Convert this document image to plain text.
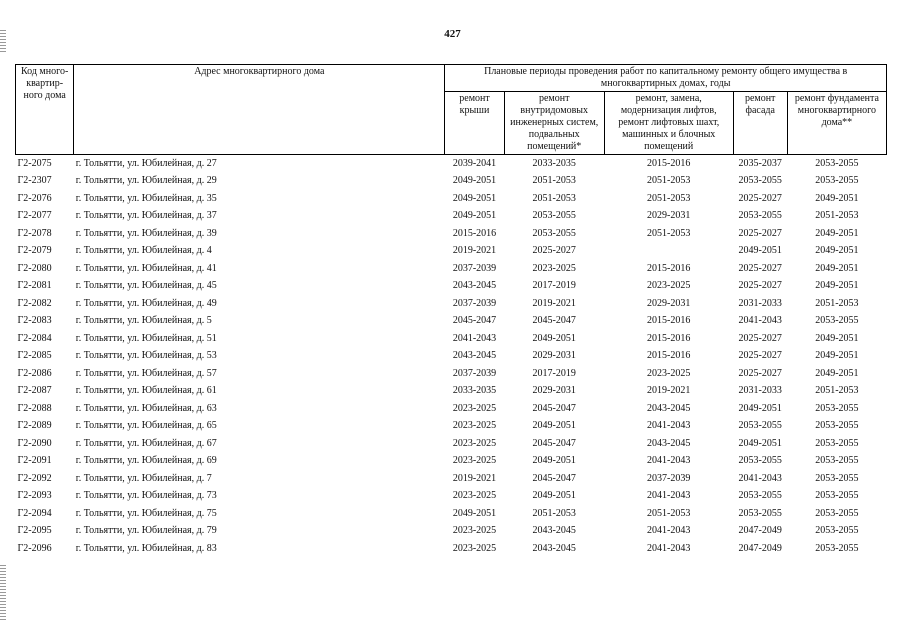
427
Код много-квартир-ного дома	Адрес многоквартирного дома	Плановые периоды проведения работ по капитальному ремонту общего имущества в многоквартирных домах, годы				
		ремонт крыши	ремонт внутридомовых инженерных систем, подвальных помещений*	ремонт, замена, модернизация лифтов, ремонт лифтовых шахт, машинных и блочных помещений	ремонт фасада	ремонт фундамента многоквартирного дома**
Г2-2075	г. Тольятти, ул. Юбилейная, д. 27	2039-2041	2033-2035	2015-2016	2035-2037	2053-2055
Г2-2307	г. Тольятти, ул. Юбилейная, д. 29	2049-2051	2051-2053	2051-2053	2053-2055	2053-2055
Г2-2076	г. Тольятти, ул. Юбилейная, д. 35	2049-2051	2051-2053	2051-2053	2025-2027	2049-2051
Г2-2077	г. Тольятти, ул. Юбилейная, д. 37	2049-2051	2053-2055	2029-2031	2053-2055	2051-2053
Г2-2078	г. Тольятти, ул. Юбилейная, д. 39	2015-2016	2053-2055	2051-2053	2025-2027	2049-2051
Г2-2079	г. Тольятти, ул. Юбилейная, д. 4	2019-2021	2025-2027		2049-2051	2049-2051
Г2-2080	г. Тольятти, ул. Юбилейная, д. 41	2037-2039	2023-2025	2015-2016	2025-2027	2049-2051
Г2-2081	г. Тольятти, ул. Юбилейная, д. 45	2043-2045	2017-2019	2023-2025	2025-2027	2049-2051
Г2-2082	г. Тольятти, ул. Юбилейная, д. 49	2037-2039	2019-2021	2029-2031	2031-2033	2051-2053
Г2-2083	г. Тольятти, ул. Юбилейная, д. 5	2045-2047	2045-2047	2015-2016	2041-2043	2053-2055
Г2-2084	г. Тольятти, ул. Юбилейная, д. 51	2041-2043	2049-2051	2015-2016	2025-2027	2049-2051
Г2-2085	г. Тольятти, ул. Юбилейная, д. 53	2043-2045	2029-2031	2015-2016	2025-2027	2049-2051
Г2-2086	г. Тольятти, ул. Юбилейная, д. 57	2037-2039	2017-2019	2023-2025	2025-2027	2049-2051
Г2-2087	г. Тольятти, ул. Юбилейная, д. 61	2033-2035	2029-2031	2019-2021	2031-2033	2051-2053
Г2-2088	г. Тольятти, ул. Юбилейная, д. 63	2023-2025	2045-2047	2043-2045	2049-2051	2053-2055
Г2-2089	г. Тольятти, ул. Юбилейная, д. 65	2023-2025	2049-2051	2041-2043	2053-2055	2053-2055
Г2-2090	г. Тольятти, ул. Юбилейная, д. 67	2023-2025	2045-2047	2043-2045	2049-2051	2053-2055
Г2-2091	г. Тольятти, ул. Юбилейная, д. 69	2023-2025	2049-2051	2041-2043	2053-2055	2053-2055
Г2-2092	г. Тольятти, ул. Юбилейная, д. 7	2019-2021	2045-2047	2037-2039	2041-2043	2053-2055
Г2-2093	г. Тольятти, ул. Юбилейная, д. 73	2023-2025	2049-2051	2041-2043	2053-2055	2053-2055
Г2-2094	г. Тольятти, ул. Юбилейная, д. 75	2049-2051	2051-2053	2051-2053	2053-2055	2053-2055
Г2-2095	г. Тольятти, ул. Юбилейная, д. 79	2023-2025	2043-2045	2041-2043	2047-2049	2053-2055
Г2-2096	г. Тольятти, ул. Юбилейная, д. 83	2023-2025	2043-2045	2041-2043	2047-2049	2053-2055
